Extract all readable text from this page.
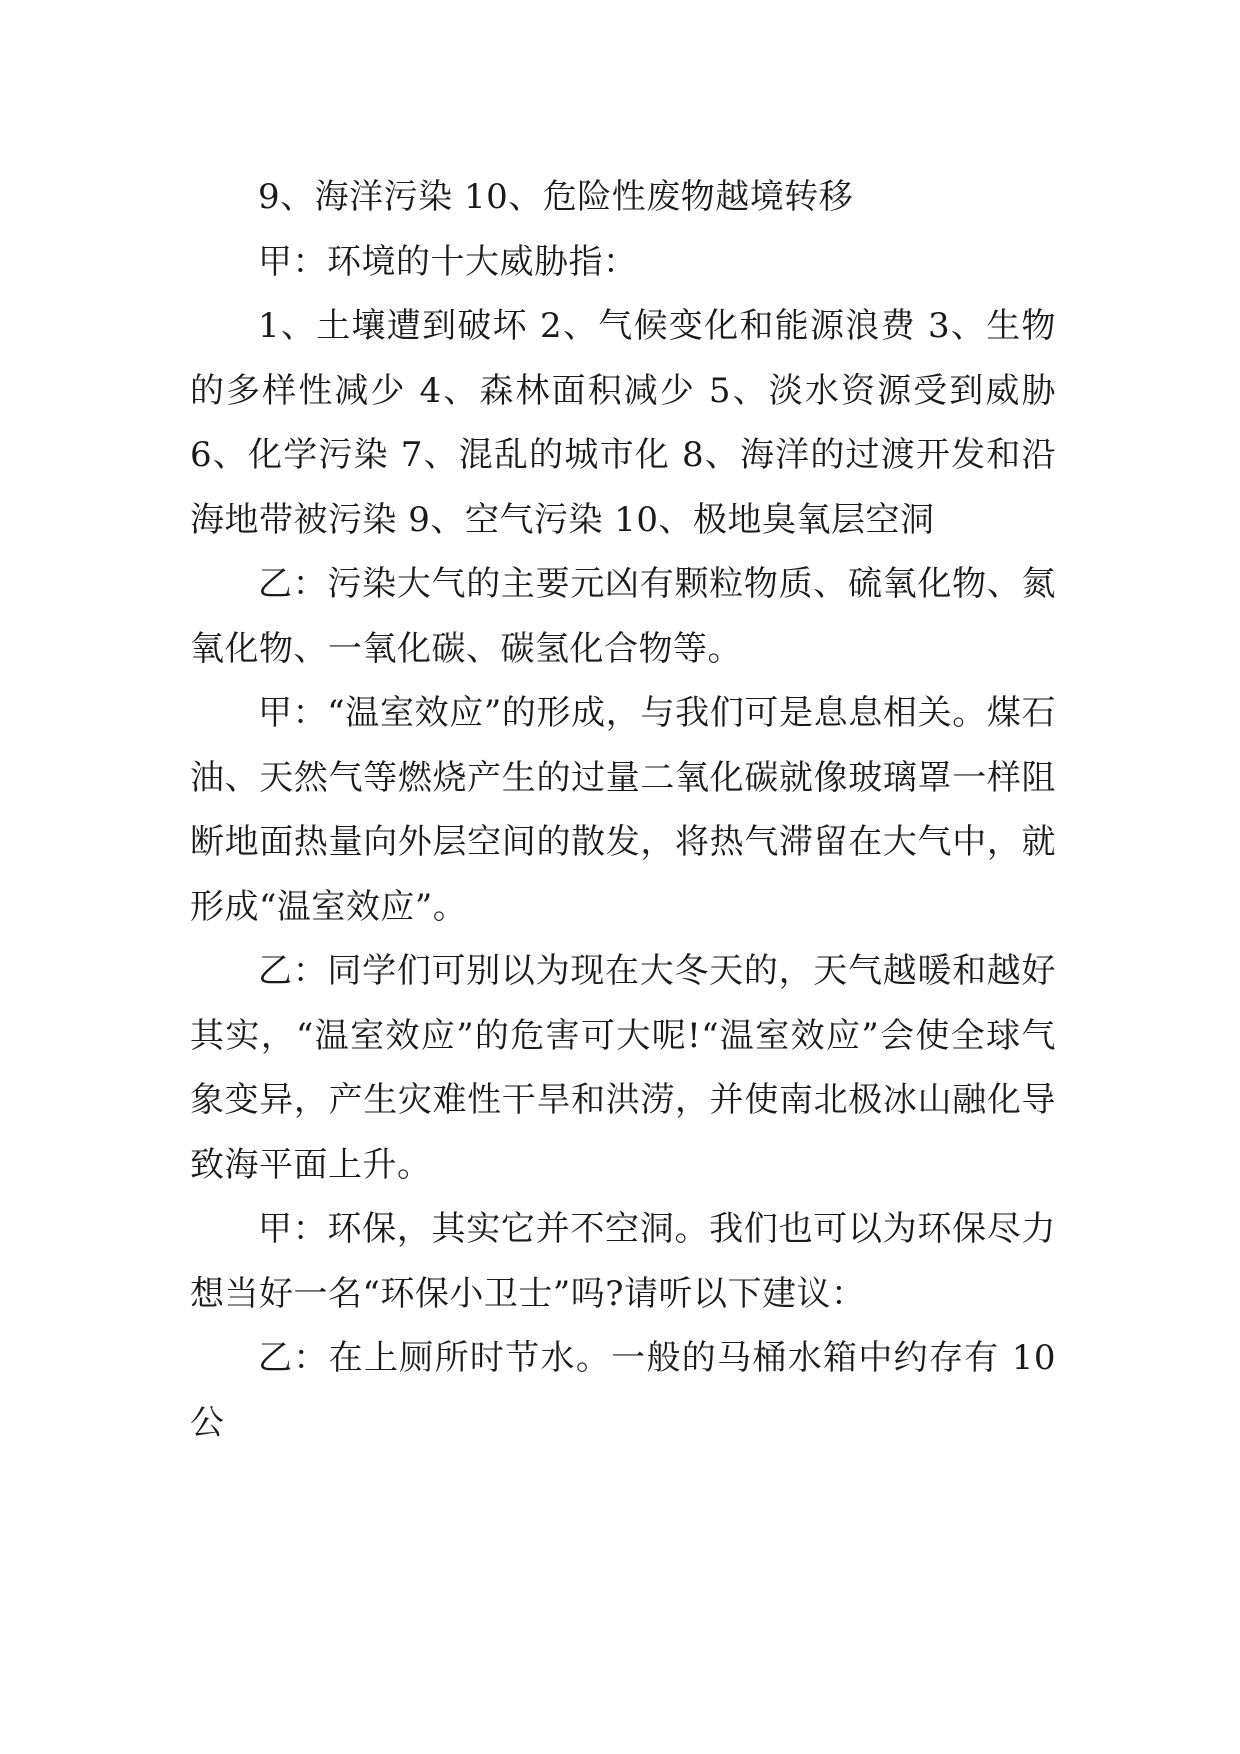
9、海洋污染 10、危险性废物越境转移

甲：环境的十大威胁指：

1、土壤遭到破坏 2、气候变化和能源浪费 3、生物的多样性减少 4、森林面积减少 5、淡水资源受到威胁 6、化学污染 7、混乱的城市化 8、海洋的过渡开发和沿海地带被污染 9、空气污染 10、极地臭氧层空洞

乙：污染大气的主要元凶有颗粒物质、硫氧化物、氮氧化物、一氧化碳、碳氢化合物等。

甲：“温室效应”的形成，与我们可是息息相关。煤石油、天然气等燃烧产生的过量二氧化碳就像玻璃罩一样阻断地面热量向外层空间的散发，将热气滞留在大气中，就形成“温室效应”。

乙：同学们可别以为现在大冬天的，天气越暖和越好其实，“温室效应”的危害可大呢!“温室效应”会使全球气象变异，产生灾难性干旱和洪涝，并使南北极冰山融化导致海平面上升。

甲：环保，其实它并不空洞。我们也可以为环保尽力想当好一名“环保小卫士”吗?请听以下建议：

乙：在上厕所时节水。一般的马桶水箱中约存有 10 公
